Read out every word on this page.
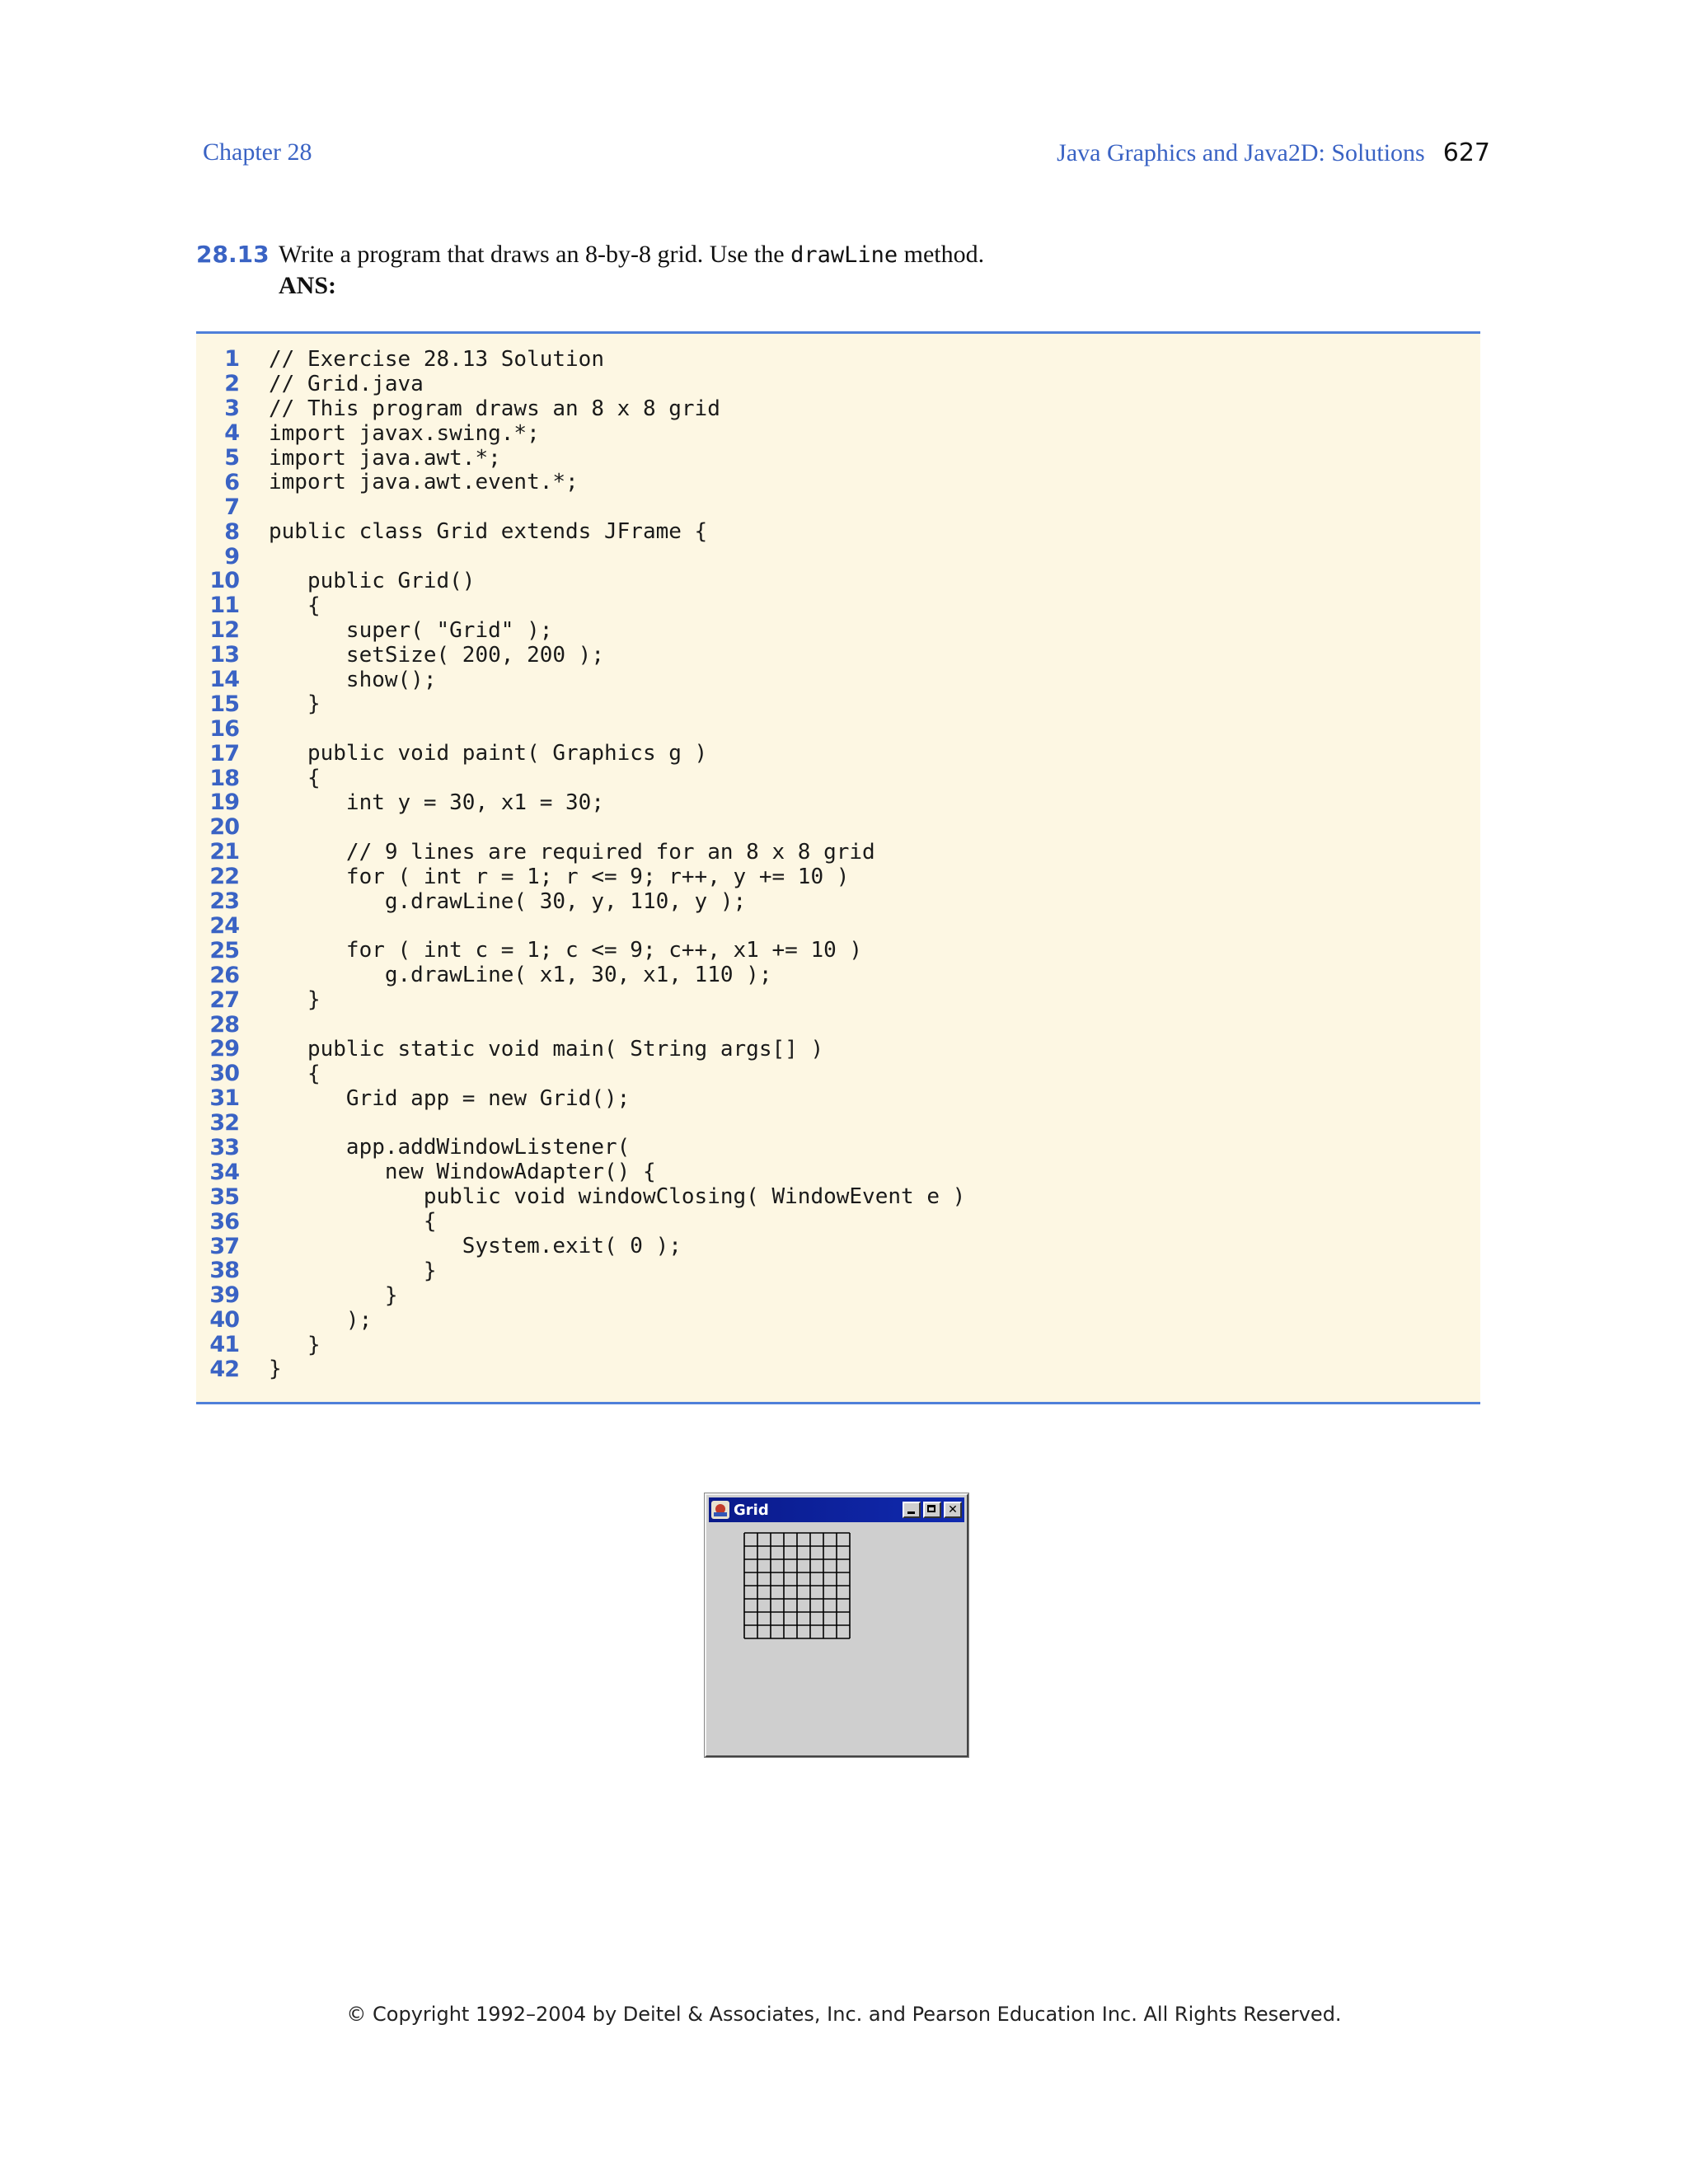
Chapter 28	Java Graphics and Java2D: Solutions 627
28.13 Write a program that draws an 8-by-8 grid. Use the drawLine method.
ANS:
1 // Exercise 28.13 Solution
2 // Grid.java
3 // This program draws an 8 x 8 grid
4 import javax.swing.*;
5 import java.awt.*;
6 import java.awt.event.*;
7
8 public class Grid extends JFrame {
9
10 public Grid()
11 {
12 super( "Grid" );
13 setSize( 200, 200 );
14 show();
15 }
16
17 public void paint( Graphics g )
18 {
19 int y = 30, x1 = 30;
20
21 // 9 lines are required for an 8 x 8 grid
22 for ( int r = 1; r <= 9; r++, y += 10 )
23 g.drawLine( 30, y, 110, y );
24
25 for ( int c = 1; c <= 9; c++, x1 += 10 )
26 g.drawLine( x1, 30, x1, 110 );
27 }
28
29 public static void main( String args[] )
30 {
31 Grid app = new Grid();
32
33 app.addWindowListener(
34 new WindowAdapter() {
35 public void windowClosing( WindowEvent e )
36 {
37 System.exit( 0 );
38 }
39 }
40 );
41 }
42 }
Grid	✕
© Copyright 1992–2004 by Deitel & Associates, Inc. and Pearson Education Inc. All Rights Reserved.
